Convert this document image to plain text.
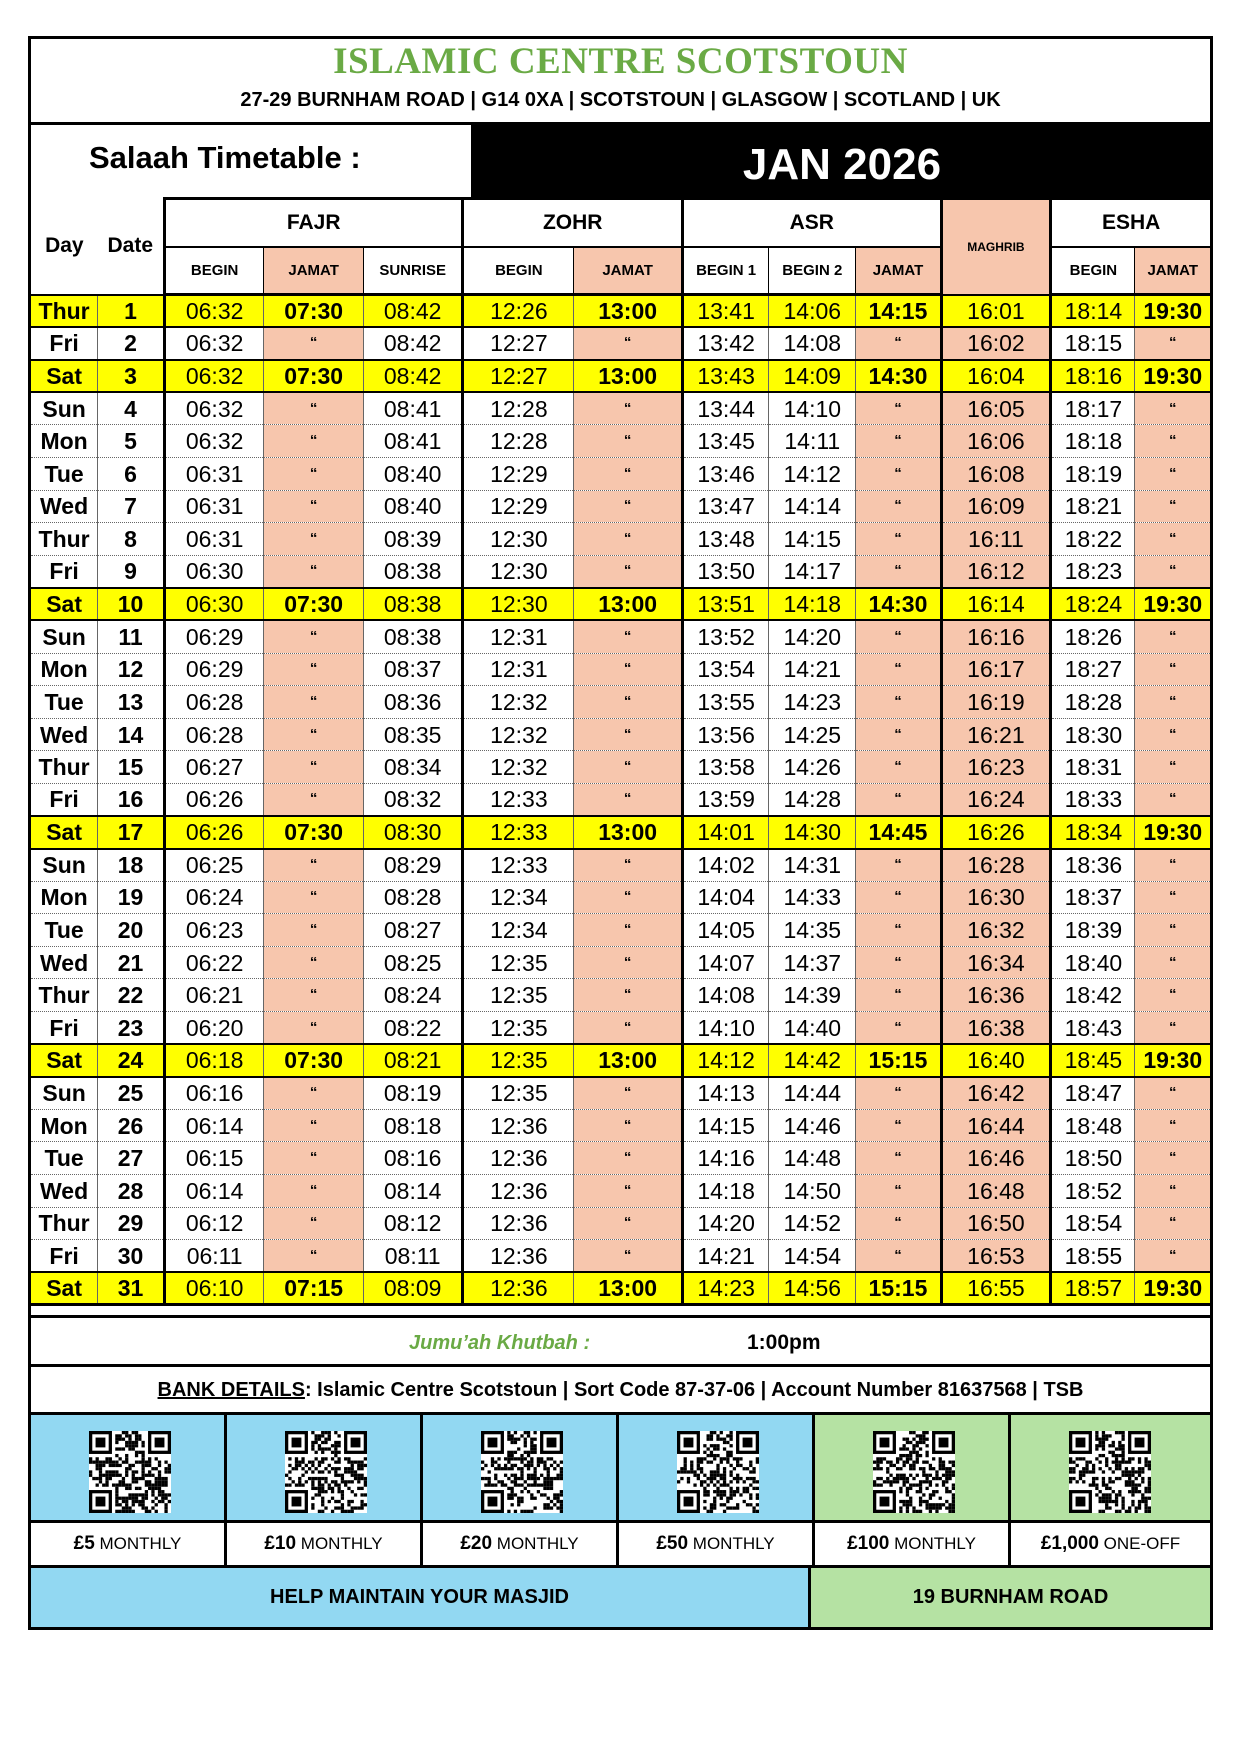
ISLAMIC CENTRE SCOTSTOUN
27-29 BURNHAM ROAD | G14 0XA | SCOTSTOUN | GLASGOW | SCOTLAND | UK
Salaah Timetable :	JAN 2026
Day	Date	FAJR			ZOHR		ASR			MAGHRIB	ESHA	
		BEGIN	JAMAT	SUNRISE	BEGIN	JAMAT	BEGIN 1	BEGIN 2	JAMAT		BEGIN	JAMAT
Thur	1	06:32	07:30	08:42	12:26	13:00	13:41	14:06	14:15	16:01	18:14	19:30
Fri	2	06:32	“	08:42	12:27	“	13:42	14:08	“	16:02	18:15	“
Sat	3	06:32	07:30	08:42	12:27	13:00	13:43	14:09	14:30	16:04	18:16	19:30
Sun	4	06:32	“	08:41	12:28	“	13:44	14:10	“	16:05	18:17	“
Mon	5	06:32	“	08:41	12:28	“	13:45	14:11	“	16:06	18:18	“
Tue	6	06:31	“	08:40	12:29	“	13:46	14:12	“	16:08	18:19	“
Wed	7	06:31	“	08:40	12:29	“	13:47	14:14	“	16:09	18:21	“
Thur	8	06:31	“	08:39	12:30	“	13:48	14:15	“	16:11	18:22	“
Fri	9	06:30	“	08:38	12:30	“	13:50	14:17	“	16:12	18:23	“
Sat	10	06:30	07:30	08:38	12:30	13:00	13:51	14:18	14:30	16:14	18:24	19:30
Sun	11	06:29	“	08:38	12:31	“	13:52	14:20	“	16:16	18:26	“
Mon	12	06:29	“	08:37	12:31	“	13:54	14:21	“	16:17	18:27	“
Tue	13	06:28	“	08:36	12:32	“	13:55	14:23	“	16:19	18:28	“
Wed	14	06:28	“	08:35	12:32	“	13:56	14:25	“	16:21	18:30	“
Thur	15	06:27	“	08:34	12:32	“	13:58	14:26	“	16:23	18:31	“
Fri	16	06:26	“	08:32	12:33	“	13:59	14:28	“	16:24	18:33	“
Sat	17	06:26	07:30	08:30	12:33	13:00	14:01	14:30	14:45	16:26	18:34	19:30
Sun	18	06:25	“	08:29	12:33	“	14:02	14:31	“	16:28	18:36	“
Mon	19	06:24	“	08:28	12:34	“	14:04	14:33	“	16:30	18:37	“
Tue	20	06:23	“	08:27	12:34	“	14:05	14:35	“	16:32	18:39	“
Wed	21	06:22	“	08:25	12:35	“	14:07	14:37	“	16:34	18:40	“
Thur	22	06:21	“	08:24	12:35	“	14:08	14:39	“	16:36	18:42	“
Fri	23	06:20	“	08:22	12:35	“	14:10	14:40	“	16:38	18:43	“
Sat	24	06:18	07:30	08:21	12:35	13:00	14:12	14:42	15:15	16:40	18:45	19:30
Sun	25	06:16	“	08:19	12:35	“	14:13	14:44	“	16:42	18:47	“
Mon	26	06:14	“	08:18	12:36	“	14:15	14:46	“	16:44	18:48	“
Tue	27	06:15	“	08:16	12:36	“	14:16	14:48	“	16:46	18:50	“
Wed	28	06:14	“	08:14	12:36	“	14:18	14:50	“	16:48	18:52	“
Thur	29	06:12	“	08:12	12:36	“	14:20	14:52	“	16:50	18:54	“
Fri	30	06:11	“	08:11	12:36	“	14:21	14:54	“	16:53	18:55	“
Sat	31	06:10	07:15	08:09	12:36	13:00	14:23	14:56	15:15	16:55	18:57	19:30
Jumu’ah Khutbah :	1:00pm
BANK DETAILS: Islamic Centre Scotstoun | Sort Code 87-37-06 | Account Number 81637568 | TSB
£5 MONTHLY	£10 MONTHLY	£20 MONTHLY	£50 MONTHLY	£100 MONTHLY	£1,000 ONE-OFF
HELP MAINTAIN YOUR MASJID	19 BURNHAM ROAD
